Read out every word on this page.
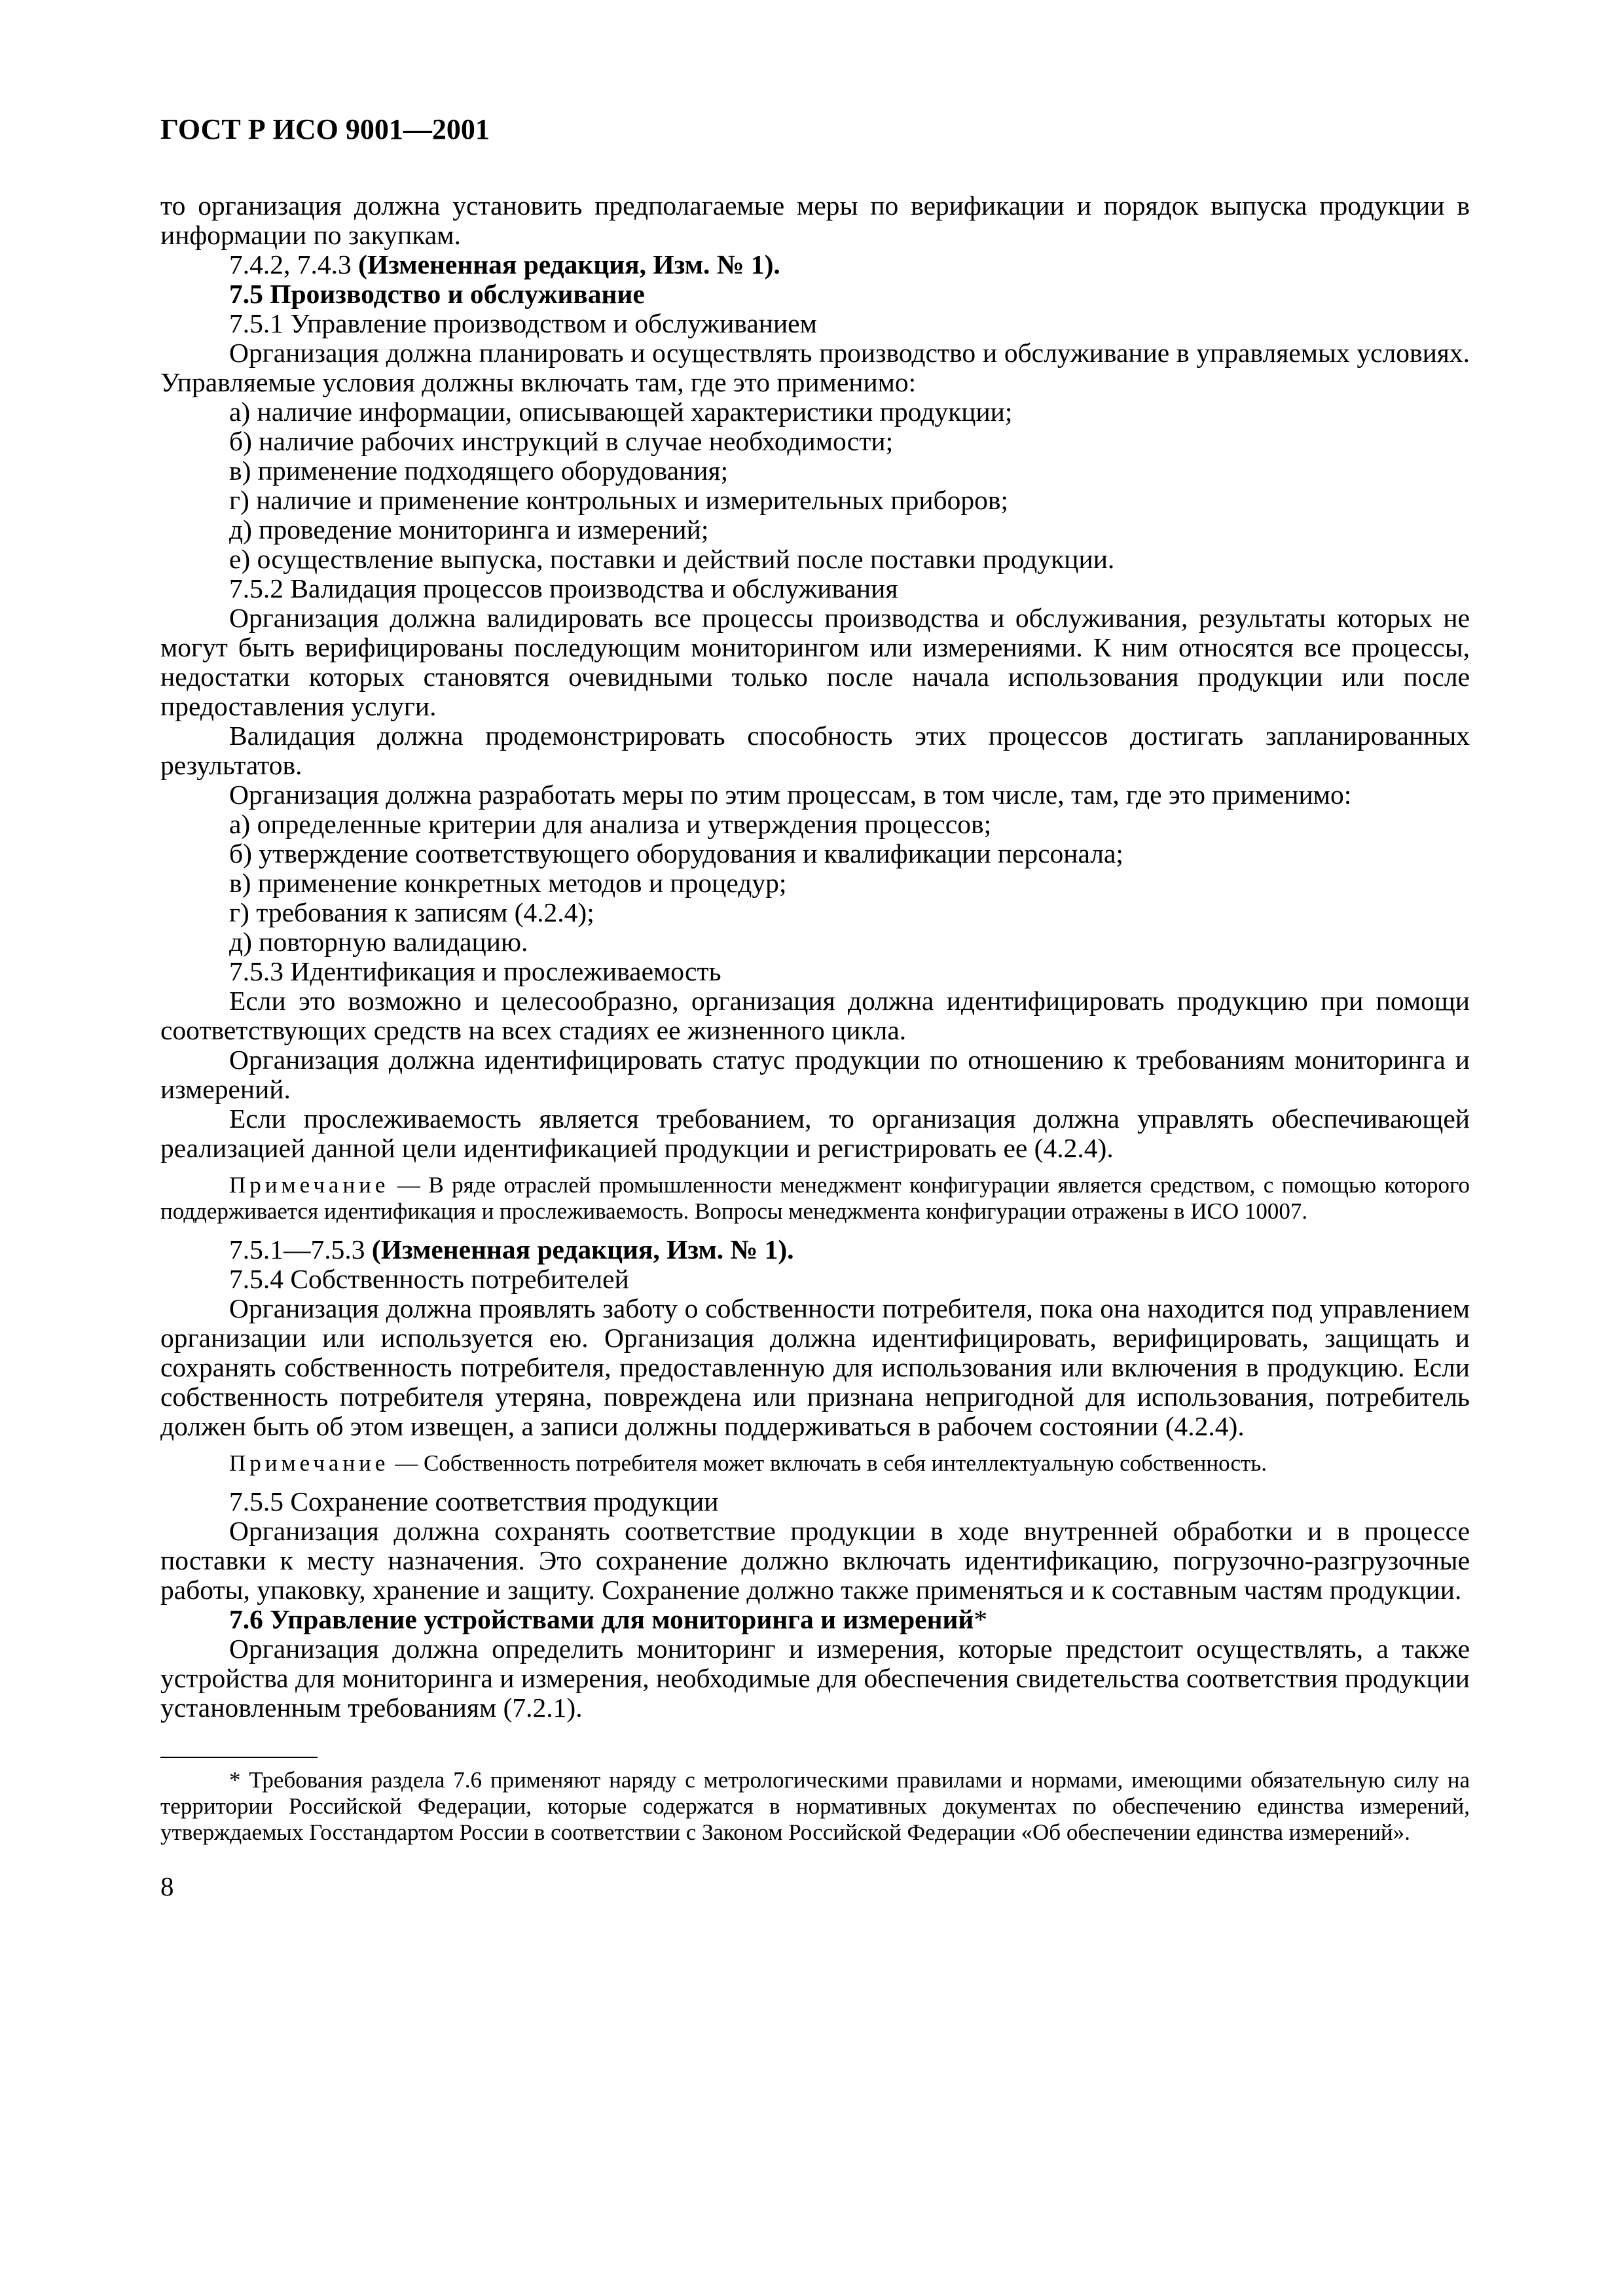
ГОСТ Р ИСО 9001—2001

то организация должна установить предполагаемые меры по верификации и порядок выпуска продукции в информации по закупкам.

7.4.2, 7.4.3 (Измененная редакция, Изм. № 1).

7.5 Производство и обслуживание

7.5.1 Управление производством и обслуживанием

Организация должна планировать и осуществлять производство и обслуживание в управляемых условиях. Управляемые условия должны включать там, где это применимо:

а) наличие информации, описывающей характеристики продукции;

б) наличие рабочих инструкций в случае необходимости;

в) применение подходящего оборудования;

г) наличие и применение контрольных и измерительных приборов;

д) проведение мониторинга и измерений;

е) осуществление выпуска, поставки и действий после поставки продукции.

7.5.2 Валидация процессов производства и обслуживания

Организация должна валидировать все процессы производства и обслуживания, результаты которых не могут быть верифицированы последующим мониторингом или измерениями. К ним относятся все процессы, недостатки которых становятся очевидными только после начала использования продукции или после предоставления услуги.

Валидация должна продемонстрировать способность этих процессов достигать запланированных результатов.

Организация должна разработать меры по этим процессам, в том числе, там, где это применимо:

а) определенные критерии для анализа и утверждения процессов;

б) утверждение соответствующего оборудования и квалификации персонала;

в) применение конкретных методов и процедур;

г) требования к записям (4.2.4);

д) повторную валидацию.

7.5.3 Идентификация и прослеживаемость

Если это возможно и целесообразно, организация должна идентифицировать продукцию при помощи соответствующих средств на всех стадиях ее жизненного цикла.

Организация должна идентифицировать статус продукции по отношению к требованиям мониторинга и измерений.

Если прослеживаемость является требованием, то организация должна управлять обеспечивающей реализацией данной цели идентификацией продукции и регистрировать ее (4.2.4).

Примечание — В ряде отраслей промышленности менеджмент конфигурации является средством, с помощью которого поддерживается идентификация и прослеживаемость. Вопросы менеджмента конфигурации отражены в ИСО 10007.

7.5.1—7.5.3 (Измененная редакция, Изм. № 1).

7.5.4 Собственность потребителей

Организация должна проявлять заботу о собственности потребителя, пока она находится под управлением организации или используется ею. Организация должна идентифицировать, верифицировать, защищать и сохранять собственность потребителя, предоставленную для использования или включения в продукцию. Если собственность потребителя утеряна, повреждена или признана непригодной для использования, потребитель должен быть об этом извещен, а записи должны поддерживаться в рабочем состоянии (4.2.4).

Примечание — Собственность потребителя может включать в себя интеллектуальную собственность.

7.5.5 Сохранение соответствия продукции

Организация должна сохранять соответствие продукции в ходе внутренней обработки и в процессе поставки к месту назначения. Это сохранение должно включать идентификацию, погрузочно-разгрузочные работы, упаковку, хранение и защиту. Сохранение должно также применяться и к составным частям продукции.

7.6 Управление устройствами для мониторинга и измерений*

Организация должна определить мониторинг и измерения, которые предстоит осуществлять, а также устройства для мониторинга и измерения, необходимые для обеспечения свидетельства соответствия продукции установленным требованиям (7.2.1).

* Требования раздела 7.6 применяют наряду с метрологическими правилами и нормами, имеющими обязательную силу на территории Российской Федерации, которые содержатся в нормативных документах по обеспечению единства измерений, утверждаемых Госстандартом России в соответствии с Законом Российской Федерации «Об обеспечении единства измерений».

8
